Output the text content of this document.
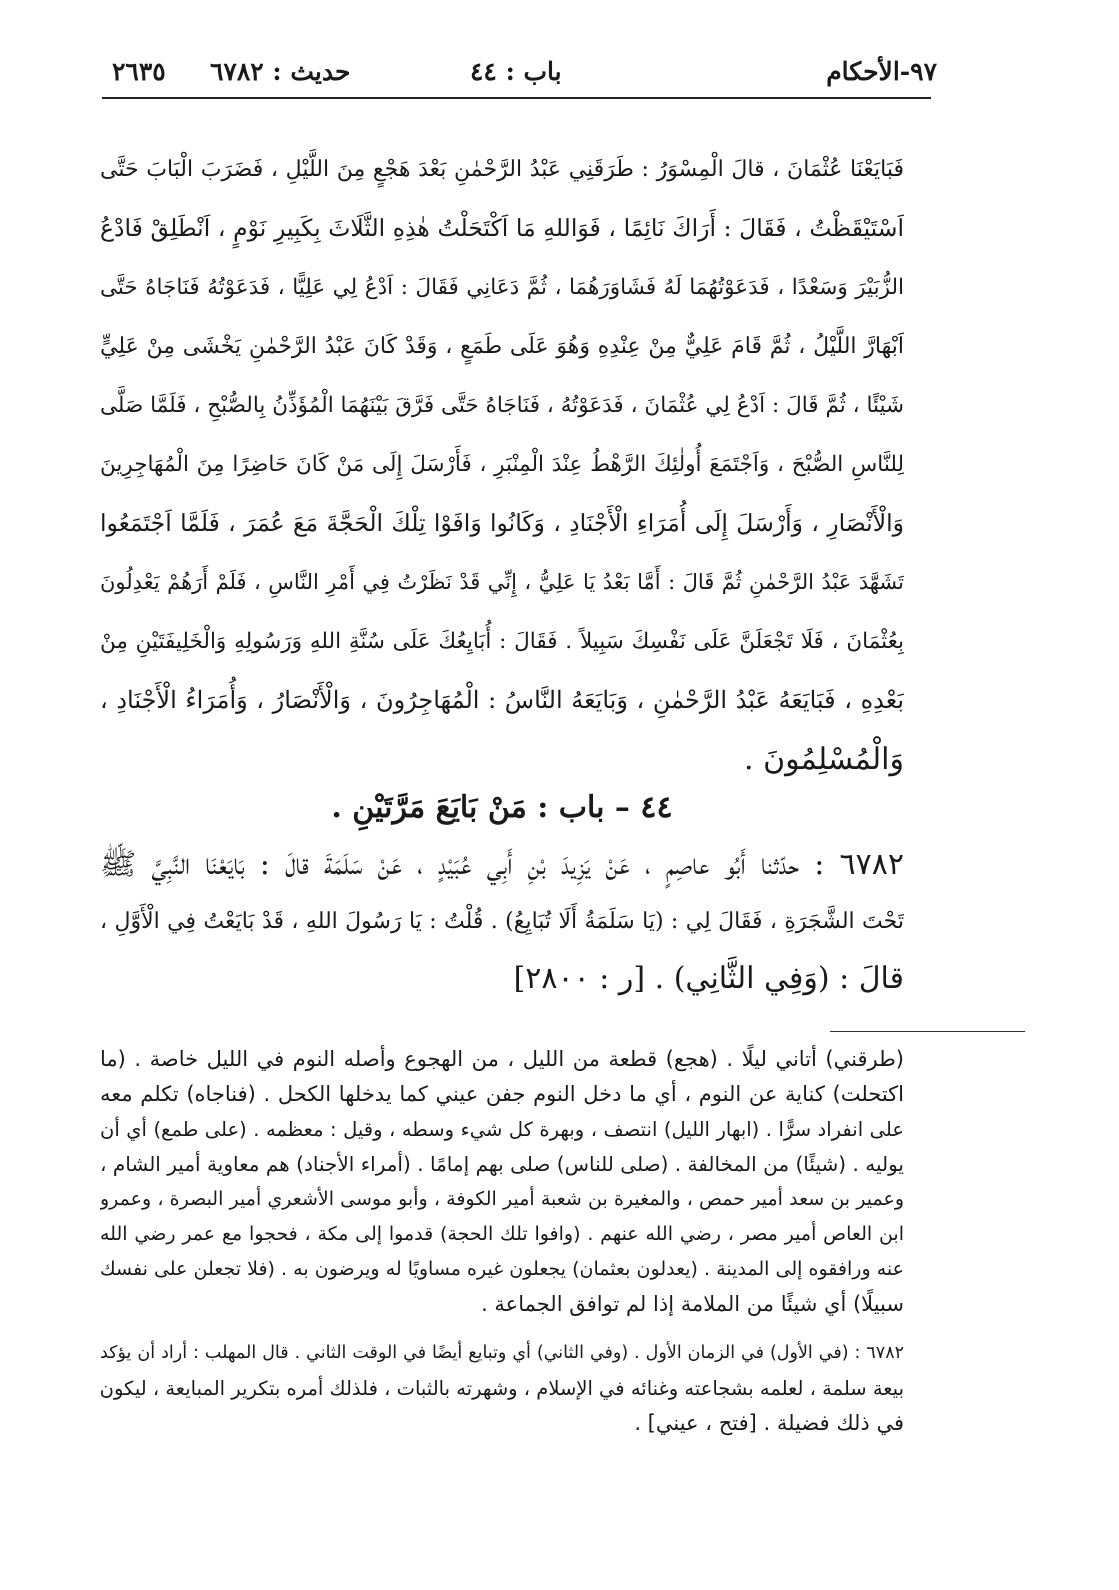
٩٧-الأحكام
باب : ٤٤
حديث : ٦٧٨٢
٢٦٣٥
فَبَايَعْنَا عُثْمَانَ ، قالَ الْمِسْوَرُ : طَرَقَنِي عَبْدُ الرَّحْمٰنِ بَعْدَ هَجْعٍ مِنَ اللَّيْلِ ، فَضَرَبَ الْبَابَ حَتَّى
اَسْتَيْقَظْتُ ، فَقَالَ : أَرَاكَ نَائِمًا ، فَوَاللهِ مَا اَكْتَحَلْتُ هٰذِهِ الثَّلَاثَ بِكَبِيرِ نَوْمٍ ، اَنْطَلِقْ فَادْعُ
الزُّبَيْرَ وَسَعْدًا ، فَدَعَوْتُهُمَا لَهُ فَشَاوَرَهُمَا ، ثُمَّ دَعَانِي فَقَالَ : اَدْعُ لِي عَلِيًّا ، فَدَعَوْتُهُ فَنَاجَاهُ حَتَّى
اَبْهَارَّ اللَّيْلُ ، ثُمَّ قَامَ عَلِيٌّ مِنْ عِنْدِهِ وَهُوَ عَلَى طَمَعٍ ، وَقَدْ كَانَ عَبْدُ الرَّحْمٰنِ يَخْشَى مِنْ عَلِيٍّ
شَيْئًا ، ثُمَّ قَالَ : اَدْعُ لِي عُثْمَانَ ، فَدَعَوْتُهُ ، فَنَاجَاهُ حَتَّى فَرَّقَ بَيْنَهُمَا الْمُؤَذِّنُ بِالصُّبْحِ ، فَلَمَّا صَلَّى
لِلنَّاسِ الصُّبْحَ ، وَاَجْتَمَعَ أُولٰئِكَ الرَّهْطُ عِنْدَ الْمِنْبَرِ ، فَأَرْسَلَ إِلَى مَنْ كَانَ حَاضِرًا مِنَ الْمُهَاجِرِينَ
وَالْأَنْصَارِ ، وَأَرْسَلَ إِلَى أُمَرَاءِ الْأَجْنَادِ ، وَكَانُوا وَافَوْا تِلْكَ الْحَجَّةَ مَعَ عُمَرَ ، فَلَمَّا اَجْتَمَعُوا
تَشَهَّدَ عَبْدُ الرَّحْمٰنِ ثُمَّ قَالَ : أَمَّا بَعْدُ يَا عَلِيُّ ، إِنِّي قَدْ نَظَرْتُ فِي أَمْرِ النَّاسِ ، فَلَمْ أَرَهُمْ يَعْدِلُونَ
بِعُثْمَانَ ، فَلَا تَجْعَلَنَّ عَلَى نَفْسِكَ سَبِيلاً . فَقَالَ : أُبَايِعُكَ عَلَى سُنَّةِ اللهِ وَرَسُولِهِ وَالْخَلِيفَتَيْنِ مِنْ
بَعْدِهِ ، فَبَايَعَهُ عَبْدُ الرَّحْمٰنِ ، وَبَايَعَهُ النَّاسُ : الْمُهَاجِرُونَ ، وَالْأَنْصَارُ ، وَأُمَرَاءُ الْأَجْنَادِ ،
وَالْمُسْلِمُونَ .
٤٤ – باب : مَنْ بَايَعَ مَرَّتَيْنِ .
٦٧٨٢ : حدّثنا أَبُو عاصِمٍ ، عَنْ يَزِيدَ بْنِ أَبِي عُبَيْدٍ ، عَنْ سَلَمَةَ قالَ : بَايَعْنَا النَّبِيَّ ﷺ
تَحْتَ الشَّجَرَةِ ، فَقَالَ لِي : (يَا سَلَمَةُ أَلَا تُبَايِعُ) . قُلْتُ : يَا رَسُولَ اللهِ ، قَدْ بَايَعْتُ فِي الْأَوَّلِ ،
قالَ : (وَفِي الثَّانِي) . [ر : ٢٨٠٠]
(طرقني) أتاني ليلًا . (هجع) قطعة من الليل ، من الهجوع وأصله النوم في الليل خاصة . (ما
اكتحلت) كناية عن النوم ، أي ما دخل النوم جفن عيني كما يدخلها الكحل . (فناجاه) تكلم معه
على انفراد سرًّا . (ابهار الليل) انتصف ، وبهرة كل شيء وسطه ، وقيل : معظمه . (على طمع) أي أن
يوليه . (شيئًا) من المخالفة . (صلى للناس) صلى بهم إمامًا . (أمراء الأجناد) هم معاوية أمير الشام ،
وعمير بن سعد أمير حمص ، والمغيرة بن شعبة أمير الكوفة ، وأبو موسى الأشعري أمير البصرة ، وعمرو
ابن العاص أمير مصر ، رضي الله عنهم . (وافوا تلك الحجة) قدموا إلى مكة ، فحجوا مع عمر رضي الله
عنه ورافقوه إلى المدينة . (يعدلون بعثمان) يجعلون غيره مساويًا له ويرضون به . (فلا تجعلن على نفسك
سبيلًا) أي شيئًا من الملامة إذا لم توافق الجماعة .
٦٧٨٢ : (في الأول) في الزمان الأول . (وفي الثاني) أي وتبايع أيضًا في الوقت الثاني . قال المهلب : أراد أن يؤكد
بيعة سلمة ، لعلمه بشجاعته وغنائه في الإسلام ، وشهرته بالثبات ، فلذلك أمره بتكرير المبايعة ، ليكون
في ذلك فضيلة . [فتح ، عيني] .
